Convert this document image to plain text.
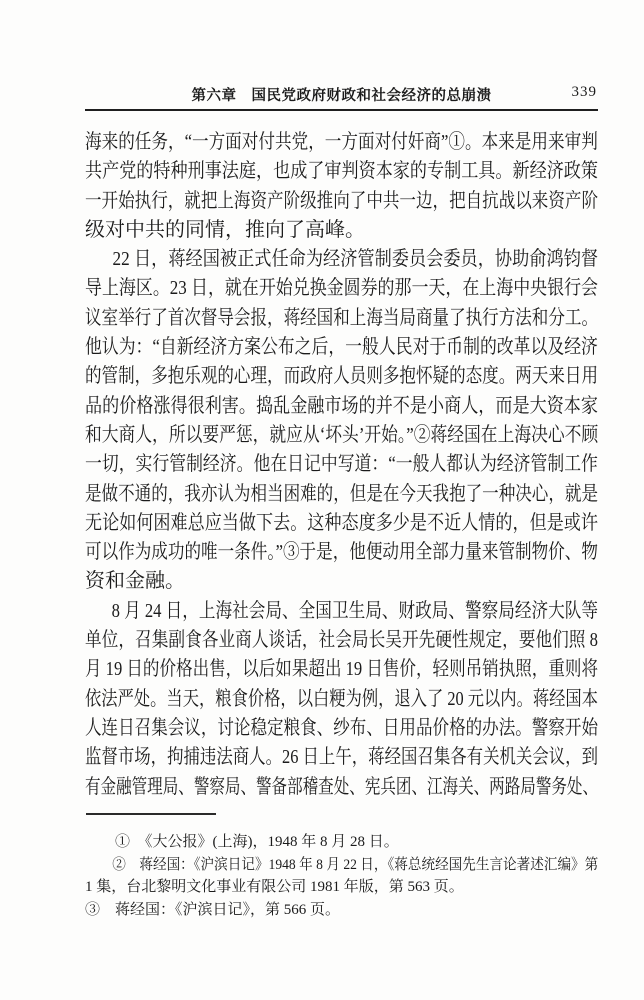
第六章　国民党政府财政和社会经济的总崩溃	339
海来的任务，“一方面对付共党，一方面对付奸商”①。本来是用来审判
共产党的特种刑事法庭，也成了审判资本家的专制工具。新经济政策
一开始执行，就把上海资产阶级推向了中共一边，把自抗战以来资产阶
级对中共的同情，推向了高峰。
22 日，蒋经国被正式任命为经济管制委员会委员，协助俞鸿钧督
导上海区。23 日，就在开始兑换金圆券的那一天，在上海中央银行会
议室举行了首次督导会报，蒋经国和上海当局商量了执行方法和分工。
他认为：“自新经济方案公布之后，一般人民对于币制的改革以及经济
的管制，多抱乐观的心理，而政府人员则多抱怀疑的态度。两天来日用
品的价格涨得很利害。捣乱金融市场的并不是小商人，而是大资本家
和大商人，所以要严惩，就应从‘坏头’开始。”②蒋经国在上海决心不顾
一切，实行管制经济。他在日记中写道：“一般人都认为经济管制工作
是做不通的，我亦认为相当困难的，但是在今天我抱了一种决心，就是
无论如何困难总应当做下去。这种态度多少是不近人情的，但是或许
可以作为成功的唯一条件。”③于是，他便动用全部力量来管制物价、物
资和金融。
8 月 24 日，上海社会局、全国卫生局、财政局、警察局经济大队等
单位，召集副食各业商人谈话，社会局长吴开先硬性规定，要他们照 8
月 19 日的价格出售，以后如果超出 19 日售价，轻则吊销执照，重则将
依法严处。当天，粮食价格，以白粳为例，退入了 20 元以内。蒋经国本
人连日召集会议，讨论稳定粮食、纱布、日用品价格的办法。警察开始
监督市场，拘捕违法商人。26 日上午，蒋经国召集各有关机关会议，到
有金融管理局、警察局、警备部稽查处、宪兵团、江海关、两路局警务处、
①　《大公报》(上海)，1948 年 8 月 28 日。
②　蒋经国：《沪滨日记》1948 年 8 月 22 日，《蒋总统经国先生言论著述汇编》第
1 集，台北黎明文化事业有限公司 1981 年版，第 563 页。
③　蒋经国：《沪滨日记》，第 566 页。
